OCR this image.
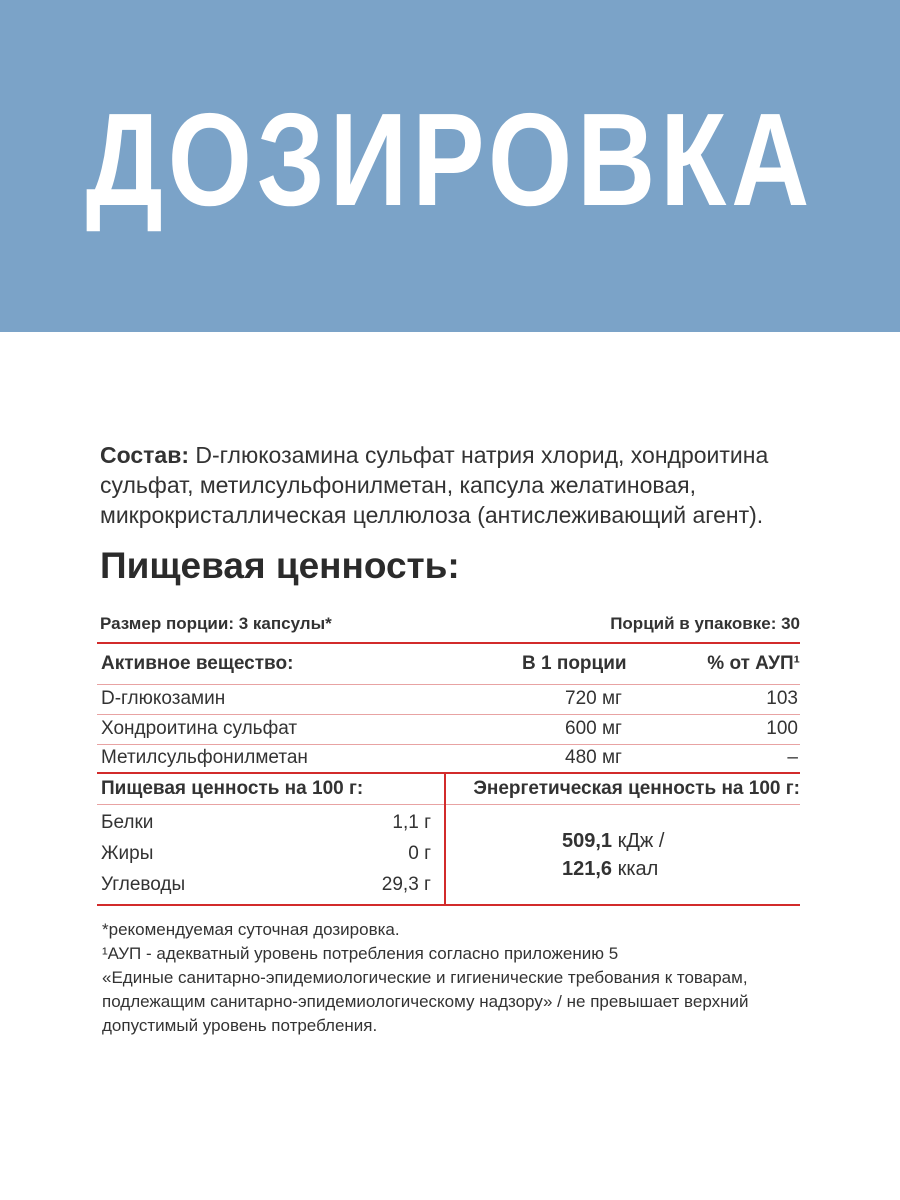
ДОЗИРОВКА
Состав: D-глюкозамина сульфат натрия хлорид, хондроитина сульфат, метилсульфонилметан, капсула желатиновая, микрокристаллическая целлюлоза (антислеживающий агент).
Пищевая ценность:
Размер порции: 3 капсулы*	Порций в упаковке: 30
Активное вещество:	В 1 порции	% от АУП¹
D-глюкозамин	720 мг	103
Хондроитина сульфат	600 мг	100
Метилсульфонилметан	480 мг	–
Пищевая ценность на 100 г:	Энергетическая ценность на 100 г:
Белки	1,1 г
Жиры	0 г
Углеводы	29,3 г
509,1 кДж /
121,6 ккал
*рекомендуемая суточная дозировка.
¹АУП - адекватный уровень потребления согласно приложению 5
«Единые санитарно-эпидемиологические и гигиенические требования к товарам,
подлежащим санитарно-эпидемиологическому надзору» / не превышает верхний
допустимый уровень потребления.
